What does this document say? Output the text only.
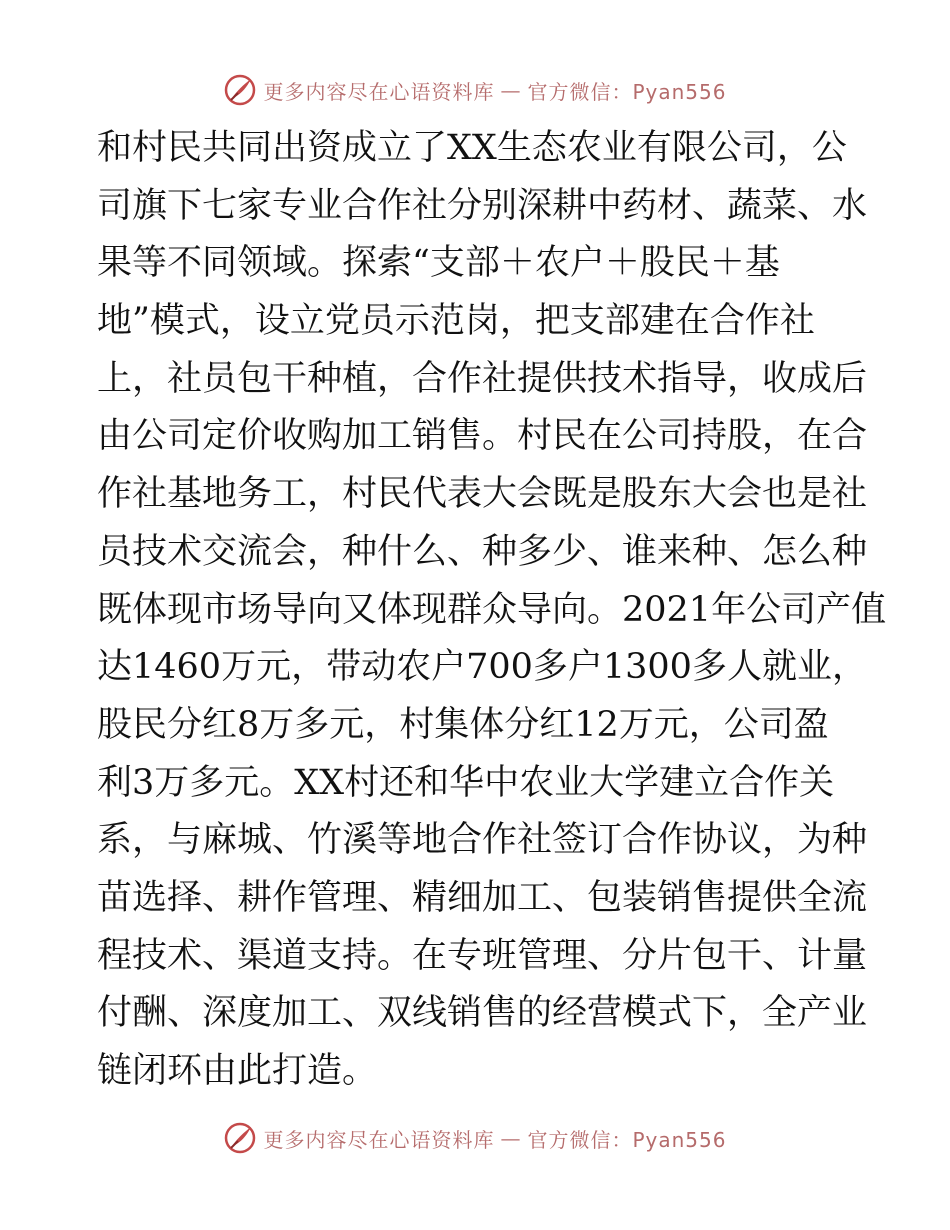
更多内容尽在心语资料库 — 官方微信：Pyan556
和村民共同出资成立了XX生态农业有限公司，公
司旗下七家专业合作社分别深耕中药材、蔬菜、水
果等不同领域。探索“支部＋农户＋股民＋基
地”模式，设立党员示范岗，把支部建在合作社
上，社员包干种植，合作社提供技术指导，收成后
由公司定价收购加工销售。村民在公司持股，在合
作社基地务工，村民代表大会既是股东大会也是社
员技术交流会，种什么、种多少、谁来种、怎么种
既体现市场导向又体现群众导向。2021年公司产值
达1460万元，带动农户700多户1300多人就业，
股民分红8万多元，村集体分红12万元，公司盈
利3万多元。XX村还和华中农业大学建立合作关
系，与麻城、竹溪等地合作社签订合作协议，为种
苗选择、耕作管理、精细加工、包装销售提供全流
程技术、渠道支持。在专班管理、分片包干、计量
付酬、深度加工、双线销售的经营模式下，全产业
链闭环由此打造。
更多内容尽在心语资料库 — 官方微信：Pyan556
